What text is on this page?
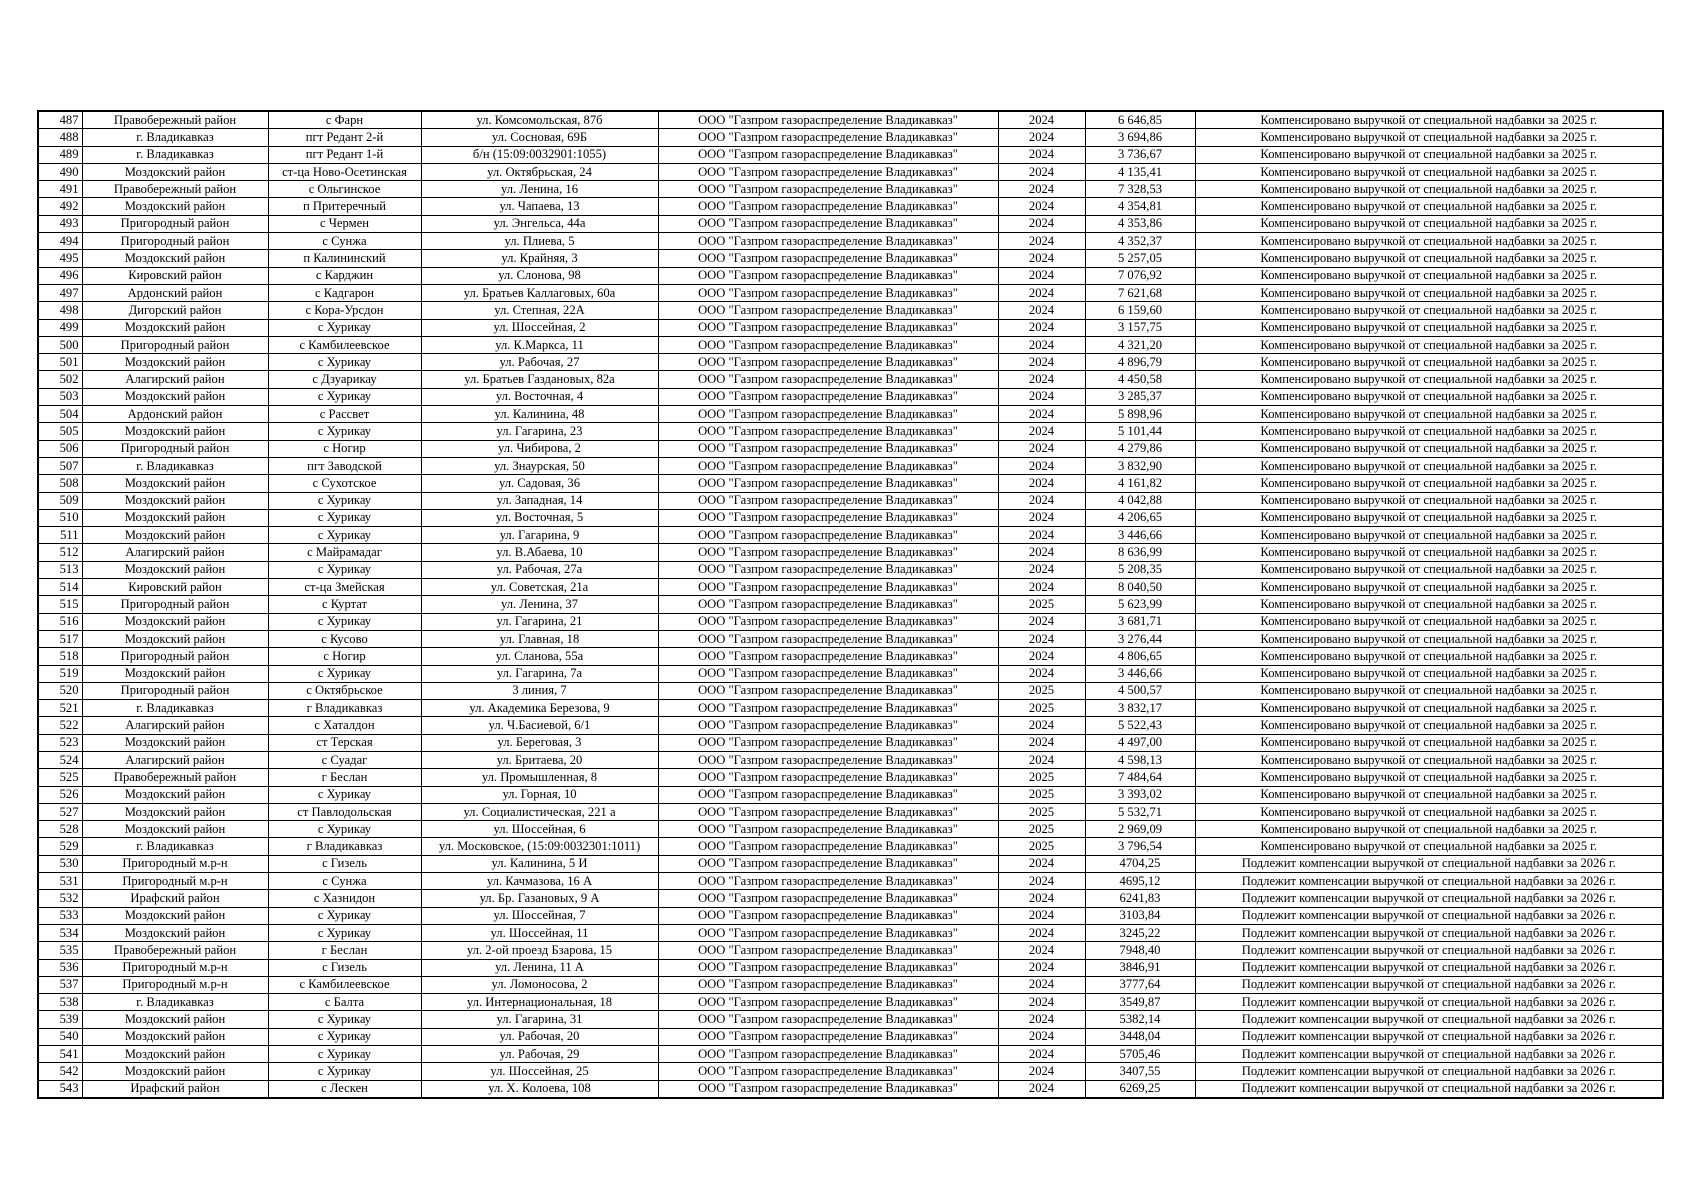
487	Правобережный район	с Фарн	ул. Комсомольская, 87б	ООО "Газпром газораспределение Владикавказ"	2024	6 646,85	Компенсировано выручкой от специальной надбавки за 2025 г.
488	г. Владикавказ	пгт Редант 2-й	ул. Сосновая, 69Б	ООО "Газпром газораспределение Владикавказ"	2024	3 694,86	Компенсировано выручкой от специальной надбавки за 2025 г.
489	г. Владикавказ	пгт Редант 1-й	б/н (15:09:0032901:1055)	ООО "Газпром газораспределение Владикавказ"	2024	3 736,67	Компенсировано выручкой от специальной надбавки за 2025 г.
490	Моздокский район	ст-ца Ново-Осетинская	ул. Октябрьская, 24	ООО "Газпром газораспределение Владикавказ"	2024	4 135,41	Компенсировано выручкой от специальной надбавки за 2025 г.
491	Правобережный район	с Ольгинское	ул. Ленина, 16	ООО "Газпром газораспределение Владикавказ"	2024	7 328,53	Компенсировано выручкой от специальной надбавки за 2025 г.
492	Моздокский район	п Притеречный	ул. Чапаева, 13	ООО "Газпром газораспределение Владикавказ"	2024	4 354,81	Компенсировано выручкой от специальной надбавки за 2025 г.
493	Пригородный район	с Чермен	ул. Энгельса, 44а	ООО "Газпром газораспределение Владикавказ"	2024	4 353,86	Компенсировано выручкой от специальной надбавки за 2025 г.
494	Пригородный район	с Сунжа	ул. Плиева, 5	ООО "Газпром газораспределение Владикавказ"	2024	4 352,37	Компенсировано выручкой от специальной надбавки за 2025 г.
495	Моздокский район	п Калининский	ул. Крайняя, 3	ООО "Газпром газораспределение Владикавказ"	2024	5 257,05	Компенсировано выручкой от специальной надбавки за 2025 г.
496	Кировский район	с Карджин	ул. Слонова, 98	ООО "Газпром газораспределение Владикавказ"	2024	7 076,92	Компенсировано выручкой от специальной надбавки за 2025 г.
497	Ардонский район	с Кадгарон	ул. Братьев Каллаговых, 60а	ООО "Газпром газораспределение Владикавказ"	2024	7 621,68	Компенсировано выручкой от специальной надбавки за 2025 г.
498	Дигорский район	с Кора-Урсдон	ул. Степная, 22А	ООО "Газпром газораспределение Владикавказ"	2024	6 159,60	Компенсировано выручкой от специальной надбавки за 2025 г.
499	Моздокский район	с Хурикау	ул. Шоссейная, 2	ООО "Газпром газораспределение Владикавказ"	2024	3 157,75	Компенсировано выручкой от специальной надбавки за 2025 г.
500	Пригородный район	с Камбилеевское	ул. К.Маркса, 11	ООО "Газпром газораспределение Владикавказ"	2024	4 321,20	Компенсировано выручкой от специальной надбавки за 2025 г.
501	Моздокский район	с Хурикау	ул. Рабочая, 27	ООО "Газпром газораспределение Владикавказ"	2024	4 896,79	Компенсировано выручкой от специальной надбавки за 2025 г.
502	Алагирский район	с Дзуарикау	ул. Братьев Газдановых, 82а	ООО "Газпром газораспределение Владикавказ"	2024	4 450,58	Компенсировано выручкой от специальной надбавки за 2025 г.
503	Моздокский район	с Хурикау	ул. Восточная, 4	ООО "Газпром газораспределение Владикавказ"	2024	3 285,37	Компенсировано выручкой от специальной надбавки за 2025 г.
504	Ардонский район	с Рассвет	ул. Калинина, 48	ООО "Газпром газораспределение Владикавказ"	2024	5 898,96	Компенсировано выручкой от специальной надбавки за 2025 г.
505	Моздокский район	с Хурикау	ул. Гагарина, 23	ООО "Газпром газораспределение Владикавказ"	2024	5 101,44	Компенсировано выручкой от специальной надбавки за 2025 г.
506	Пригородный район	с Ногир	ул. Чибирова, 2	ООО "Газпром газораспределение Владикавказ"	2024	4 279,86	Компенсировано выручкой от специальной надбавки за 2025 г.
507	г. Владикавказ	пгт Заводской	ул. Знаурская, 50	ООО "Газпром газораспределение Владикавказ"	2024	3 832,90	Компенсировано выручкой от специальной надбавки за 2025 г.
508	Моздокский район	с Сухотское	ул. Садовая, 36	ООО "Газпром газораспределение Владикавказ"	2024	4 161,82	Компенсировано выручкой от специальной надбавки за 2025 г.
509	Моздокский район	с Хурикау	ул. Западная, 14	ООО "Газпром газораспределение Владикавказ"	2024	4 042,88	Компенсировано выручкой от специальной надбавки за 2025 г.
510	Моздокский район	с Хурикау	ул. Восточная, 5	ООО "Газпром газораспределение Владикавказ"	2024	4 206,65	Компенсировано выручкой от специальной надбавки за 2025 г.
511	Моздокский район	с Хурикау	ул. Гагарина, 9	ООО "Газпром газораспределение Владикавказ"	2024	3 446,66	Компенсировано выручкой от специальной надбавки за 2025 г.
512	Алагирский район	с Майрамадаг	ул. В.Абаева, 10	ООО "Газпром газораспределение Владикавказ"	2024	8 636,99	Компенсировано выручкой от специальной надбавки за 2025 г.
513	Моздокский район	с Хурикау	ул. Рабочая, 27а	ООО "Газпром газораспределение Владикавказ"	2024	5 208,35	Компенсировано выручкой от специальной надбавки за 2025 г.
514	Кировский район	ст-ца Змейская	ул. Советская, 21а	ООО "Газпром газораспределение Владикавказ"	2024	8 040,50	Компенсировано выручкой от специальной надбавки за 2025 г.
515	Пригородный район	с Куртат	ул. Ленина, 37	ООО "Газпром газораспределение Владикавказ"	2025	5 623,99	Компенсировано выручкой от специальной надбавки за 2025 г.
516	Моздокский район	с Хурикау	ул. Гагарина, 21	ООО "Газпром газораспределение Владикавказ"	2024	3 681,71	Компенсировано выручкой от специальной надбавки за 2025 г.
517	Моздокский район	с Кусово	ул. Главная, 18	ООО "Газпром газораспределение Владикавказ"	2024	3 276,44	Компенсировано выручкой от специальной надбавки за 2025 г.
518	Пригородный район	с Ногир	ул. Сланова, 55а	ООО "Газпром газораспределение Владикавказ"	2024	4 806,65	Компенсировано выручкой от специальной надбавки за 2025 г.
519	Моздокский район	с Хурикау	ул. Гагарина, 7а	ООО "Газпром газораспределение Владикавказ"	2024	3 446,66	Компенсировано выручкой от специальной надбавки за 2025 г.
520	Пригородный район	с Октябрьское	3 линия, 7	ООО "Газпром газораспределение Владикавказ"	2025	4 500,57	Компенсировано выручкой от специальной надбавки за 2025 г.
521	г. Владикавказ	г Владикавказ	ул. Академика Березова, 9	ООО "Газпром газораспределение Владикавказ"	2025	3 832,17	Компенсировано выручкой от специальной надбавки за 2025 г.
522	Алагирский район	с Хаталдон	ул. Ч.Басиевой, 6/1	ООО "Газпром газораспределение Владикавказ"	2024	5 522,43	Компенсировано выручкой от специальной надбавки за 2025 г.
523	Моздокский район	ст Терская	ул. Береговая, 3	ООО "Газпром газораспределение Владикавказ"	2024	4 497,00	Компенсировано выручкой от специальной надбавки за 2025 г.
524	Алагирский район	с Суадаг	ул. Бритаева, 20	ООО "Газпром газораспределение Владикавказ"	2024	4 598,13	Компенсировано выручкой от специальной надбавки за 2025 г.
525	Правобережный район	г Беслан	ул. Промышленная, 8	ООО "Газпром газораспределение Владикавказ"	2025	7 484,64	Компенсировано выручкой от специальной надбавки за 2025 г.
526	Моздокский район	с Хурикау	ул. Горная, 10	ООО "Газпром газораспределение Владикавказ"	2025	3 393,02	Компенсировано выручкой от специальной надбавки за 2025 г.
527	Моздокский район	ст Павлодольская	ул. Социалистическая, 221 а	ООО "Газпром газораспределение Владикавказ"	2025	5 532,71	Компенсировано выручкой от специальной надбавки за 2025 г.
528	Моздокский район	с Хурикау	ул. Шоссейная, 6	ООО "Газпром газораспределение Владикавказ"	2025	2 969,09	Компенсировано выручкой от специальной надбавки за 2025 г.
529	г. Владикавказ	г Владикавказ	ул. Московское, (15:09:0032301:1011)	ООО "Газпром газораспределение Владикавказ"	2025	3 796,54	Компенсировано выручкой от специальной надбавки за 2025 г.
530	Пригородный м.р-н	с Гизель	ул. Калинина, 5 И	ООО "Газпром газораспределение Владикавказ"	2024	4704,25	Подлежит компенсации выручкой от специальной надбавки за 2026 г.
531	Пригородный м.р-н	с Сунжа	ул. Качмазова, 16 А	ООО "Газпром газораспределение Владикавказ"	2024	4695,12	Подлежит компенсации выручкой от специальной надбавки за 2026 г.
532	Ирафский район	с Хазнидон	ул. Бр. Газановых, 9 А	ООО "Газпром газораспределение Владикавказ"	2024	6241,83	Подлежит компенсации выручкой от специальной надбавки за 2026 г.
533	Моздокский район	с Хурикау	ул. Шоссейная, 7	ООО "Газпром газораспределение Владикавказ"	2024	3103,84	Подлежит компенсации выручкой от специальной надбавки за 2026 г.
534	Моздокский район	с Хурикау	ул. Шоссейная, 11	ООО "Газпром газораспределение Владикавказ"	2024	3245,22	Подлежит компенсации выручкой от специальной надбавки за 2026 г.
535	Правобережный район	г Беслан	ул. 2-ой проезд Бзарова, 15	ООО "Газпром газораспределение Владикавказ"	2024	7948,40	Подлежит компенсации выручкой от специальной надбавки за 2026 г.
536	Пригородный м.р-н	с Гизель	ул. Ленина, 11 А	ООО "Газпром газораспределение Владикавказ"	2024	3846,91	Подлежит компенсации выручкой от специальной надбавки за 2026 г.
537	Пригородный м.р-н	с Камбилеевское	ул. Ломоносова, 2	ООО "Газпром газораспределение Владикавказ"	2024	3777,64	Подлежит компенсации выручкой от специальной надбавки за 2026 г.
538	г. Владикавказ	с Балта	ул. Интернациональная, 18	ООО "Газпром газораспределение Владикавказ"	2024	3549,87	Подлежит компенсации выручкой от специальной надбавки за 2026 г.
539	Моздокский район	с Хурикау	ул. Гагарина, 31	ООО "Газпром газораспределение Владикавказ"	2024	5382,14	Подлежит компенсации выручкой от специальной надбавки за 2026 г.
540	Моздокский район	с Хурикау	ул. Рабочая, 20	ООО "Газпром газораспределение Владикавказ"	2024	3448,04	Подлежит компенсации выручкой от специальной надбавки за 2026 г.
541	Моздокский район	с Хурикау	ул. Рабочая, 29	ООО "Газпром газораспределение Владикавказ"	2024	5705,46	Подлежит компенсации выручкой от специальной надбавки за 2026 г.
542	Моздокский район	с Хурикау	ул. Шоссейная, 25	ООО "Газпром газораспределение Владикавказ"	2024	3407,55	Подлежит компенсации выручкой от специальной надбавки за 2026 г.
543	Ирафский район	с Лескен	ул. Х. Колоева, 108	ООО "Газпром газораспределение Владикавказ"	2024	6269,25	Подлежит компенсации выручкой от специальной надбавки за 2026 г.
